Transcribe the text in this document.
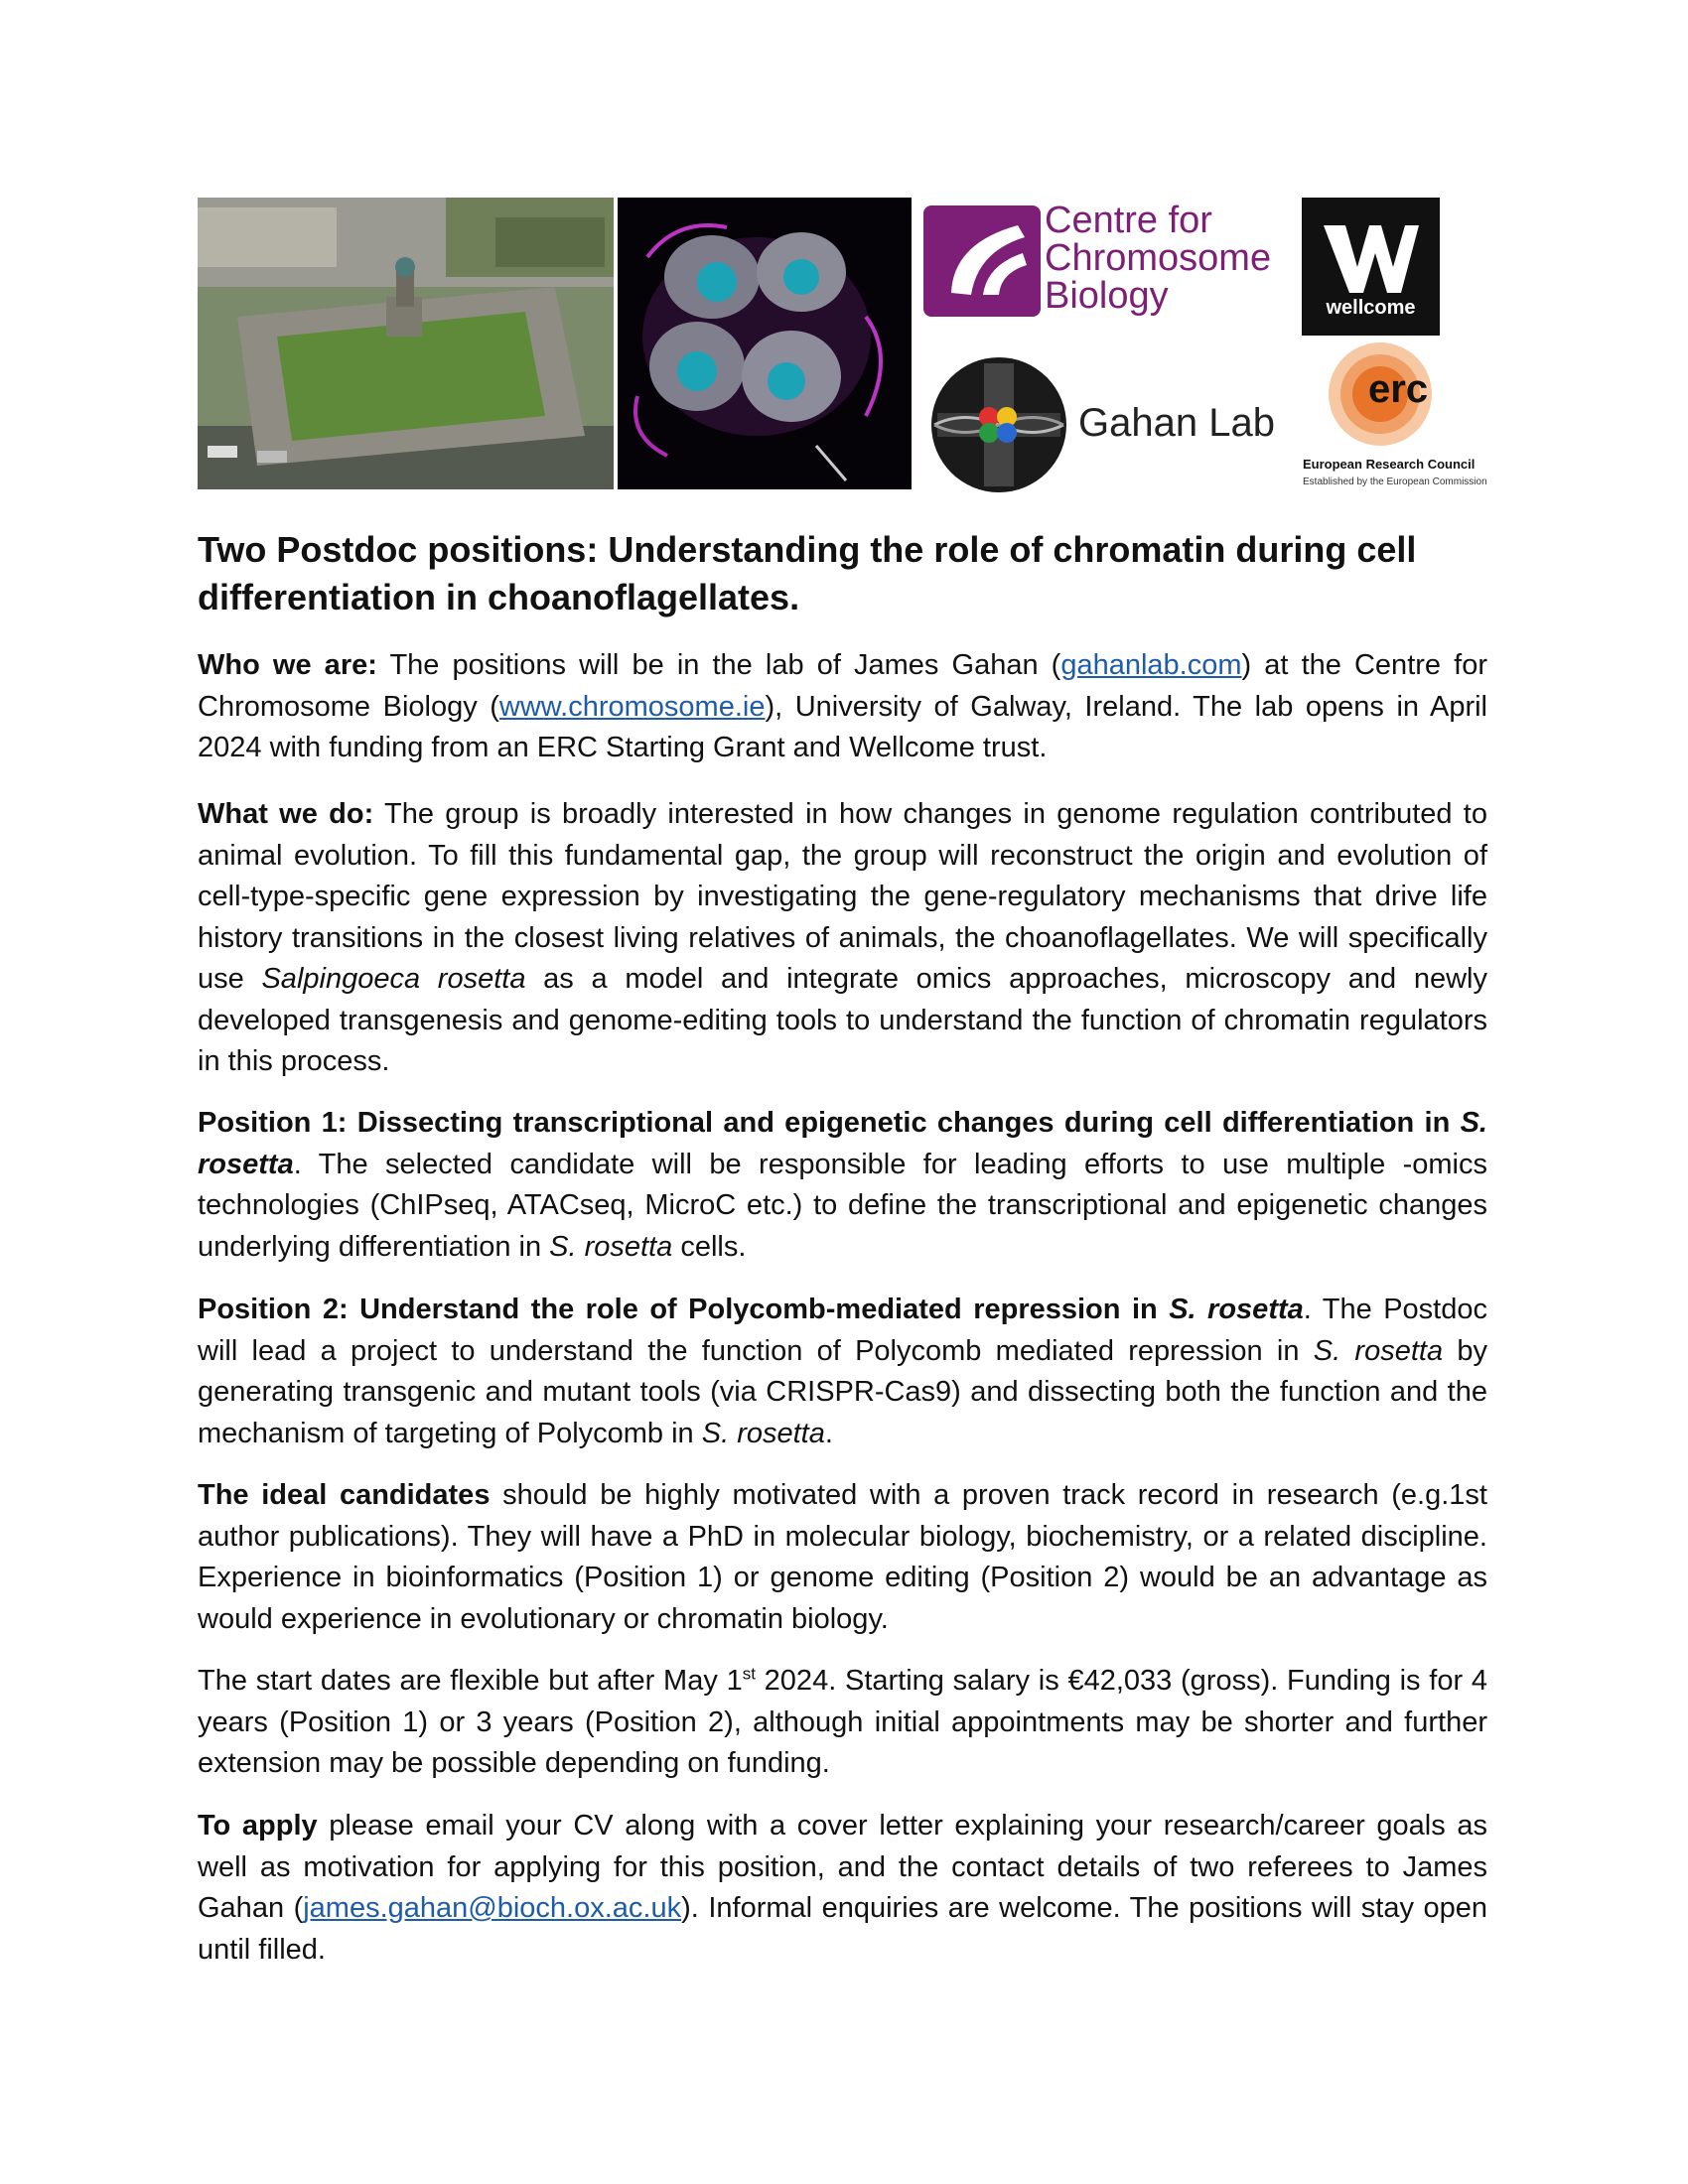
Centre for
Chromosome
Biology	wellcome
Gahan Lab
erc
European Research Council
Established by the European Commission
Two Postdoc positions: Understanding the role of chromatin during cell differentiation in choanoflagellates.
Who we are: The positions will be in the lab of James Gahan (gahanlab.com) at the Centre for Chromosome Biology (www.chromosome.ie), University of Galway, Ireland. The lab opens in April 2024 with funding from an ERC Starting Grant and Wellcome trust.
What we do: The group is broadly interested in how changes in genome regulation contributed to animal evolution. To fill this fundamental gap, the group will reconstruct the origin and evolution of cell-type-specific gene expression by investigating the gene-regulatory mechanisms that drive life history transitions in the closest living relatives of animals, the choanoflagellates. We will specifically use Salpingoeca rosetta as a model and integrate omics approaches, microscopy and newly developed transgenesis and genome-editing tools to understand the function of chromatin regulators in this process.
Position 1: Dissecting transcriptional and epigenetic changes during cell differentiation in S. rosetta. The selected candidate will be responsible for leading efforts to use multiple -omics technologies (ChIPseq, ATACseq, MicroC etc.) to define the transcriptional and epigenetic changes underlying differentiation in S. rosetta cells.
Position 2: Understand the role of Polycomb-mediated repression in S. rosetta. The Postdoc will lead a project to understand the function of Polycomb mediated repression in S. rosetta by generating transgenic and mutant tools (via CRISPR-Cas9) and dissecting both the function and the mechanism of targeting of Polycomb in S. rosetta.
The ideal candidates should be highly motivated with a proven track record in research (e.g.1st author publications). They will have a PhD in molecular biology, biochemistry, or a related discipline. Experience in bioinformatics (Position 1) or genome editing (Position 2) would be an advantage as would experience in evolutionary or chromatin biology.
The start dates are flexible but after May 1st 2024. Starting salary is €42,033 (gross). Funding is for 4 years (Position 1) or 3 years (Position 2), although initial appointments may be shorter and further extension may be possible depending on funding.
To apply please email your CV along with a cover letter explaining your research/career goals as well as motivation for applying for this position, and the contact details of two referees to James Gahan (james.gahan@bioch.ox.ac.uk). Informal enquiries are welcome. The positions will stay open until filled.
